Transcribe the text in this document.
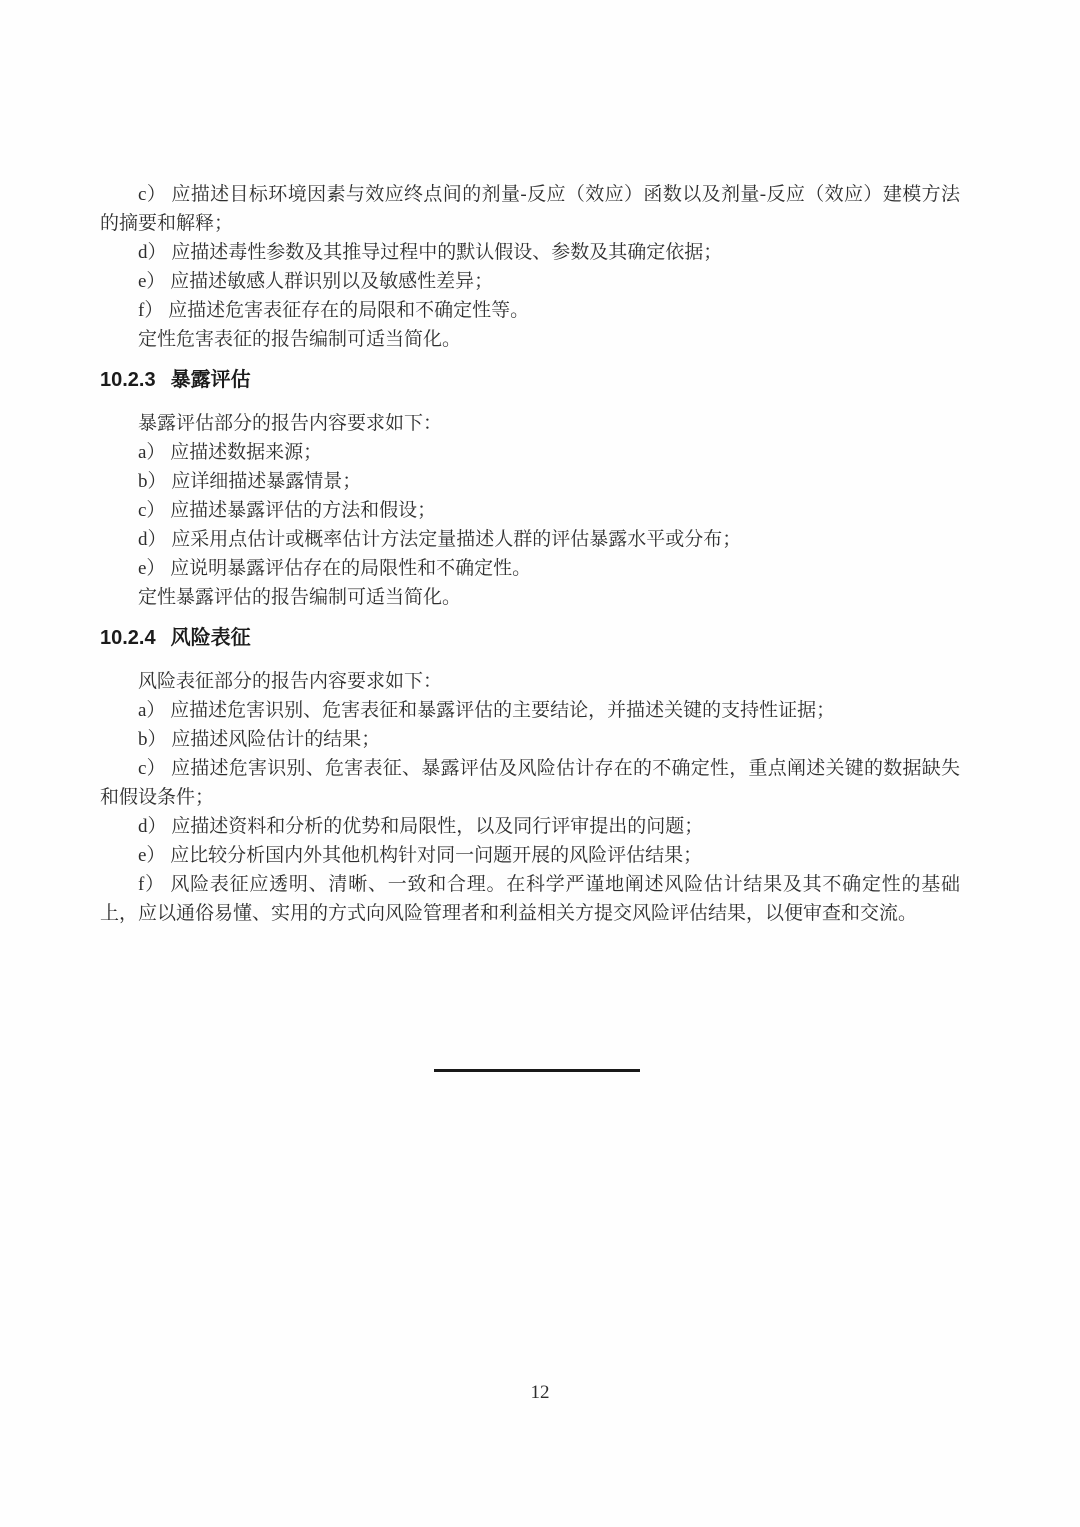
c） 应描述目标环境因素与效应终点间的剂量-反应（效应）函数以及剂量-反应（效应）建模方法的摘要和解释；

d） 应描述毒性参数及其推导过程中的默认假设、参数及其确定依据；

e） 应描述敏感人群识别以及敏感性差异；

f） 应描述危害表征存在的局限和不确定性等。

定性危害表征的报告编制可适当简化。

10.2.3 暴露评估

暴露评估部分的报告内容要求如下：

a） 应描述数据来源；

b） 应详细描述暴露情景；

c） 应描述暴露评估的方法和假设；

d） 应采用点估计或概率估计方法定量描述人群的评估暴露水平或分布；

e） 应说明暴露评估存在的局限性和不确定性。

定性暴露评估的报告编制可适当简化。

10.2.4 风险表征

风险表征部分的报告内容要求如下：

a） 应描述危害识别、危害表征和暴露评估的主要结论，并描述关键的支持性证据；

b） 应描述风险估计的结果；

c） 应描述危害识别、危害表征、暴露评估及风险估计存在的不确定性，重点阐述关键的数据缺失和假设条件；

d） 应描述资料和分析的优势和局限性，以及同行评审提出的问题；

e） 应比较分析国内外其他机构针对同一问题开展的风险评估结果；

f） 风险表征应透明、清晰、一致和合理。在科学严谨地阐述风险估计结果及其不确定性的基础上，应以通俗易懂、实用的方式向风险管理者和利益相关方提交风险评估结果，以便审查和交流。

12
